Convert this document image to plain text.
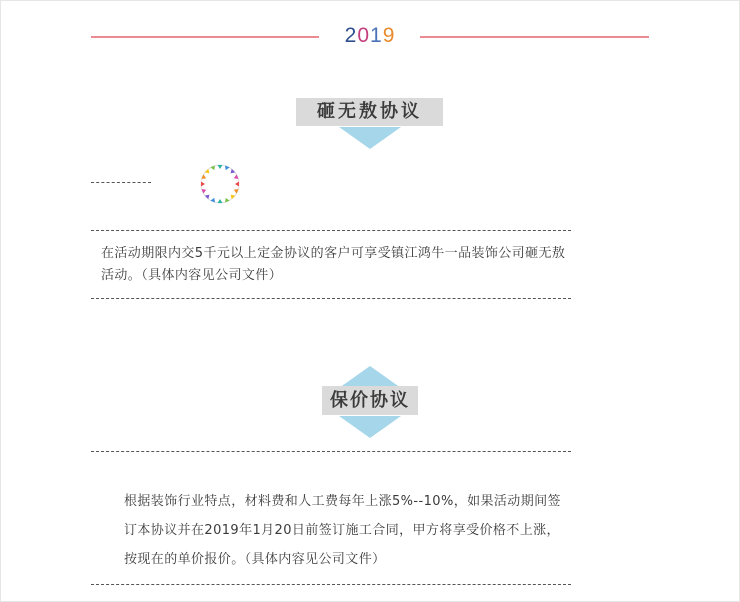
2019
砸无敖协议

在活动期限内交5千元以上定金协议的客户可享受镇江鸿牛一品装饰公司砸无敖

活动。（具体内容见公司文件）

保价协议

根据装饰行业特点，材料费和人工费每年上涨5%--10%，如果活动期间签

订本协议并在2019年1月20日前签订施工合同，甲方将享受价格不上涨，

按现在的单价报价。（具体内容见公司文件）
